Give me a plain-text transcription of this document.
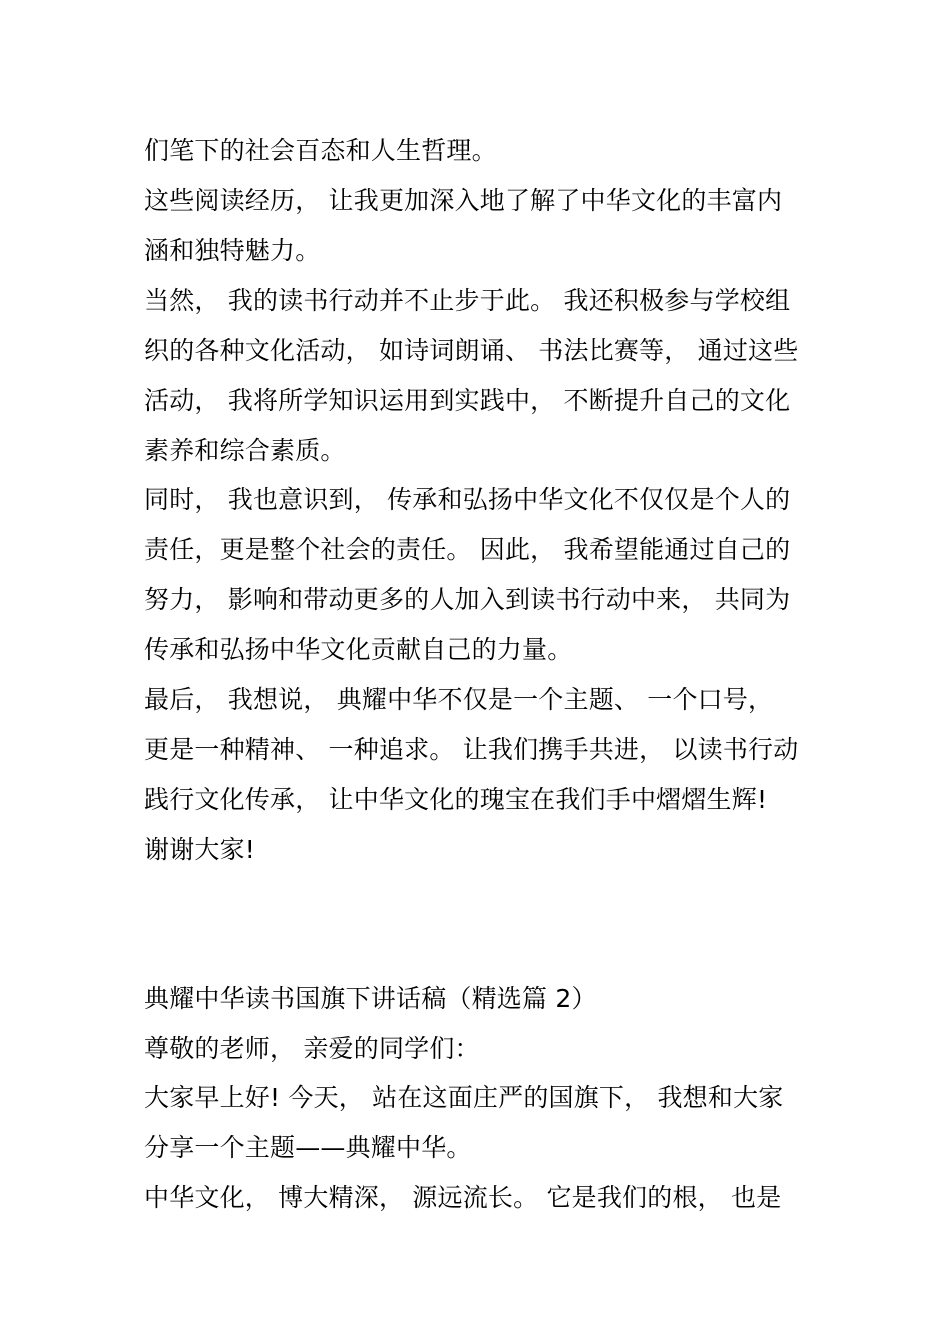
们笔下的社会百态和人生哲理。
这些阅读经历， 让我更加深入地了解了中华文化的丰富内
涵和独特魅力。
当然， 我的读书行动并不止步于此。 我还积极参与学校组
织的各种文化活动， 如诗词朗诵、 书法比赛等， 通过这些
活动， 我将所学知识运用到实践中， 不断提升自己的文化
素养和综合素质。
同时， 我也意识到， 传承和弘扬中华文化不仅仅是个人的
责任，更是整个社会的责任。 因此， 我希望能通过自己的
努力， 影响和带动更多的人加入到读书行动中来， 共同为
传承和弘扬中华文化贡献自己的力量。
最后， 我想说， 典耀中华不仅是一个主题、 一个口号，
更是一种精神、 一种追求。 让我们携手共进， 以读书行动
践行文化传承， 让中华文化的瑰宝在我们手中熠熠生辉!
谢谢大家!
典耀中华读书国旗下讲话稿（精选篇 2）
尊敬的老师， 亲爱的同学们：
大家早上好! 今天， 站在这面庄严的国旗下， 我想和大家
分享一个主题——典耀中华。
中华文化， 博大精深， 源远流长。 它是我们的根， 也是
